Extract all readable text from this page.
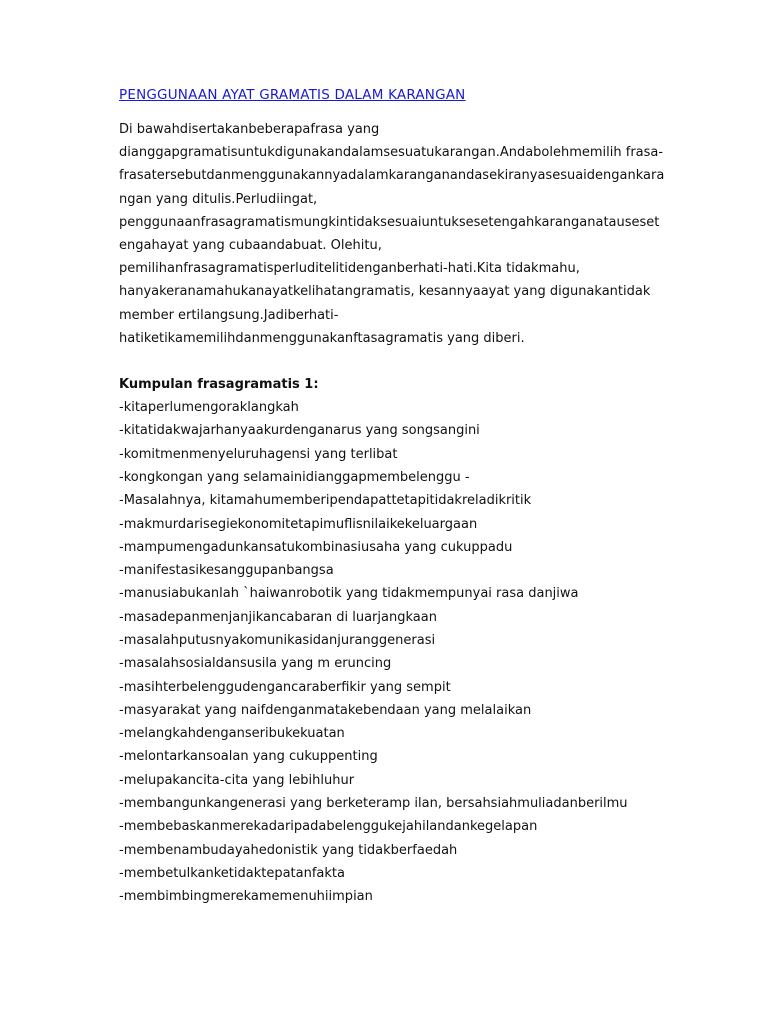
PENGGUNAAN AYAT GRAMATIS DALAM KARANGAN

Di bawahdisertakanbeberapafrasa yang
dianggapgramatisuntukdigunakandalamsesuatukarangan.Andabolehmemilih frasa-
frasatersebutdanmenggunakannyadalamkaranganandasekiranyasesuaidengankara
ngan yang ditulis.Perludiingat,
penggunaanfrasagramatismungkintidaksesuaiuntuksesetengahkaranganatauseset
engahayat yang cubaandabuat. Olehitu,
pemilihanfrasagramatisperluditelitidenganberhati-hati.Kita tidakmahu,
hanyakeranamahukanayatkelihatangramatis, kesannyaayat yang digunakantidak
member ertilangsung.Jadiberhati-
hatiketikamemilihdanmenggunakanftasagramatis yang diberi.

Kumpulan frasagramatis 1:
-kitaperlumengoraklangkah
-kitatidakwajarhanyaakurdenganarus yang songsangini
-komitmenmenyeluruhagensi yang terlibat
-kongkongan yang selamainidianggapmembelenggu -
-Masalahnya, kitamahumemberipendapattetapitidakreladikritik
-makmurdarisegiekonomitetapimuflisnilaikekeluargaan
-mampumengadunkansatukombinasiusaha yang cukuppadu
-manifestasikesanggupanbangsa
-manusiabukanlah `haiwanrobotik yang tidakmempunyai rasa danjiwa
-masadepanmenjanjikancabaran di luarjangkaan
-masalahputusnyakomunikasidanjuranggenerasi
-masalahsosialdansusila yang m eruncing
-masihterbelenggudengancaraberfikir yang sempit
-masyarakat yang naifdenganmatakebendaan yang melalaikan
-melangkahdenganseribukekuatan
-melontarkansoalan yang cukuppenting
-melupakancita-cita yang lebihluhur
-membangunkangenerasi yang berketeramp ilan, bersahsiahmuliadanberilmu
-membebaskanmerekadaripadabelenggukejahilandankegelapan
-membenambudayahedonistik yang tidakberfaedah
-membetulkanketidaktepatanfakta
-membimbingmerekamemenuhiimpian
